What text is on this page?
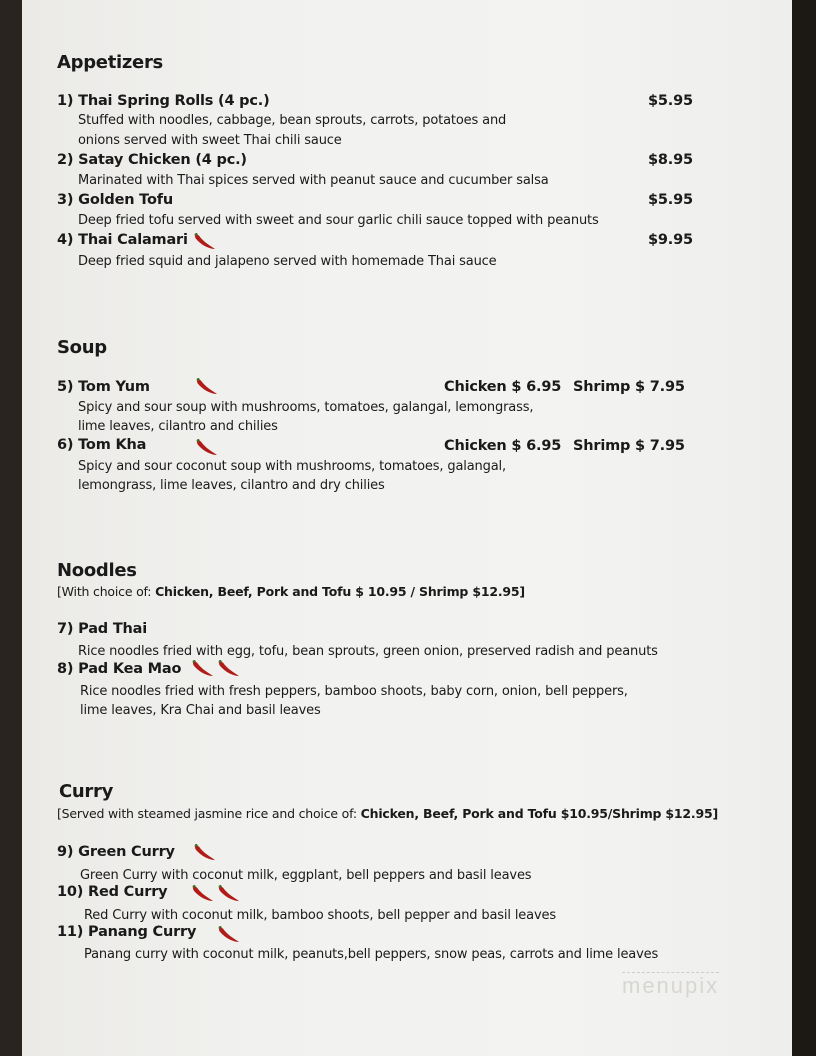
Appetizers
1) Thai Spring Rolls (4 pc.)	$5.95
Stuffed with noodles, cabbage, bean sprouts, carrots, potatoes and
onions served with sweet Thai chili sauce
2) Satay Chicken (4 pc.)	$8.95
Marinated with Thai spices served with peanut sauce and cucumber salsa
3) Golden Tofu	$5.95
Deep fried tofu served with sweet and sour garlic chili sauce topped with peanuts
4) Thai Calamari	$9.95
Deep fried squid and jalapeno served with homemade Thai sauce
Soup
5) Tom Yum	Chicken $ 6.95 Shrimp $ 7.95
Spicy and sour soup with mushrooms, tomatoes, galangal, lemongrass,
lime leaves, cilantro and chilies
6) Tom Kha	Chicken $ 6.95 Shrimp $ 7.95
Spicy and sour coconut soup with mushrooms, tomatoes, galangal,
lemongrass, lime leaves, cilantro and dry chilies
Noodles
[With choice of: Chicken, Beef, Pork and Tofu $ 10.95 / Shrimp $12.95]
7) Pad Thai
Rice noodles fried with egg, tofu, bean sprouts, green onion, preserved radish and peanuts
8) Pad Kea Mao
Rice noodles fried with fresh peppers, bamboo shoots, baby corn, onion, bell peppers,
lime leaves, Kra Chai and basil leaves
Curry
[Served with steamed jasmine rice and choice of: Chicken, Beef, Pork and Tofu $10.95/Shrimp $12.95]
9) Green Curry
Green Curry with coconut milk, eggplant, bell peppers and basil leaves
10) Red Curry
Red Curry with coconut milk, bamboo shoots, bell pepper and basil leaves
11) Panang Curry
Panang curry with coconut milk, peanuts,bell peppers, snow peas, carrots and lime leaves
menupix
